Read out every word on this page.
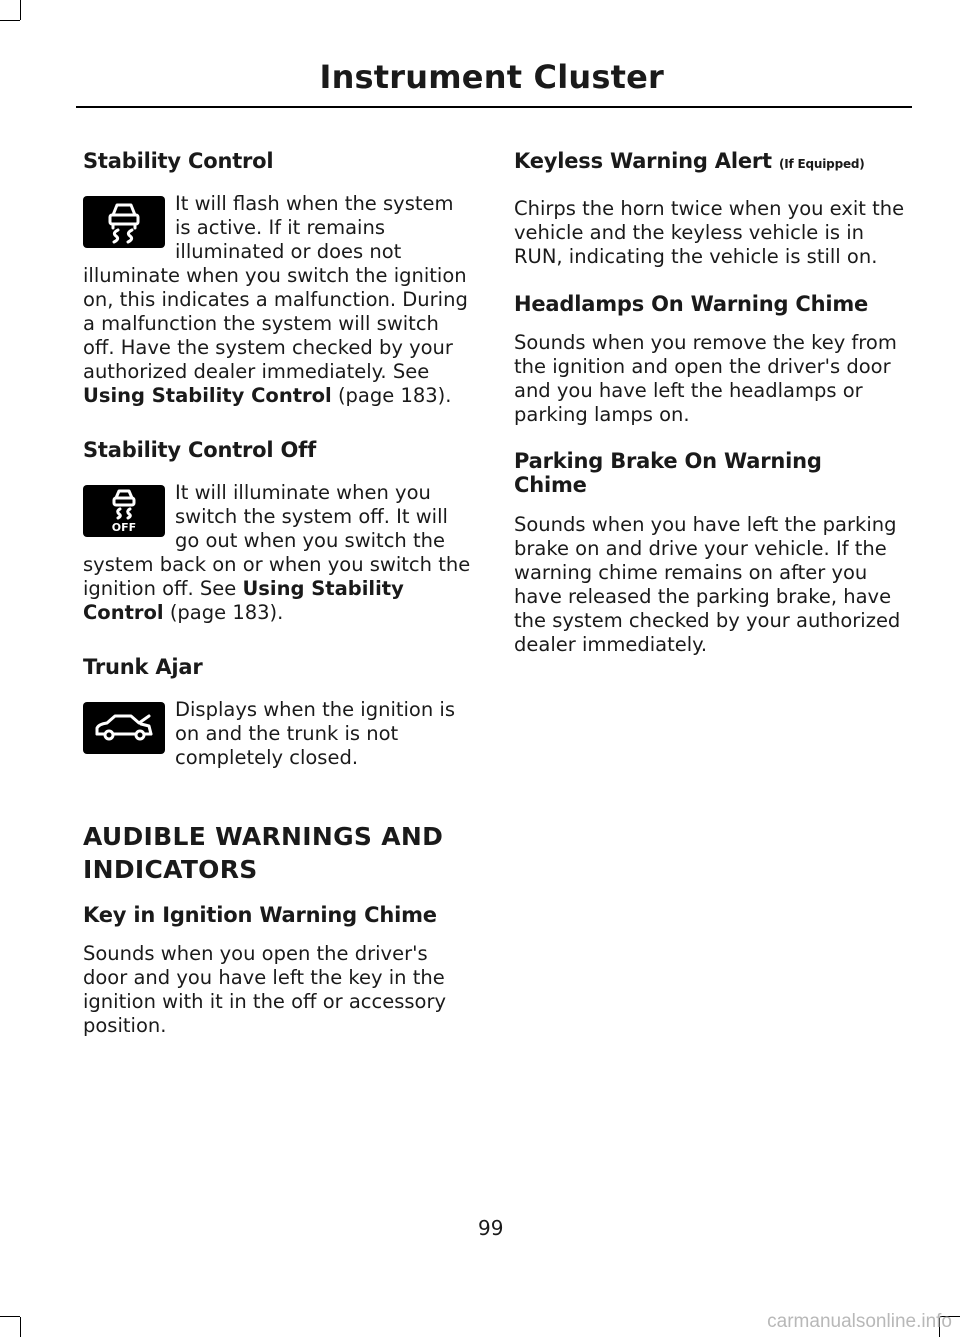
Instrument Cluster
Stability Control

It will flash when the system is active. If it remains illuminated or does not illuminate when you switch the ignition on, this indicates a malfunction. During a malfunction the system will switch off. Have the system checked by your authorized dealer immediately. See Using Stability Control (page 183).

Stability Control Off
OFF

It will illuminate when you switch the system off. It will go out when you switch the system back on or when you switch the ignition off. See Using Stability Control (page 183).

Trunk Ajar

Displays when the ignition is on and the trunk is not completely closed.

AUDIBLE WARNINGS AND
INDICATORS
Key in Ignition Warning Chime

Sounds when you open the driver's door and you have left the key in the ignition with it in the off or accessory position.

Keyless Warning Alert (If Equipped)

Chirps the horn twice when you exit the vehicle and the keyless vehicle is in RUN, indicating the vehicle is still on.

Headlamps On Warning Chime

Sounds when you remove the key from the ignition and open the driver's door and you have left the headlamps or parking lamps on.

Parking Brake On Warning
Chime

Sounds when you have left the parking brake on and drive your vehicle. If the warning chime remains on after you have released the parking brake, have the system checked by your authorized dealer immediately.

99
carmanualsonline.info
